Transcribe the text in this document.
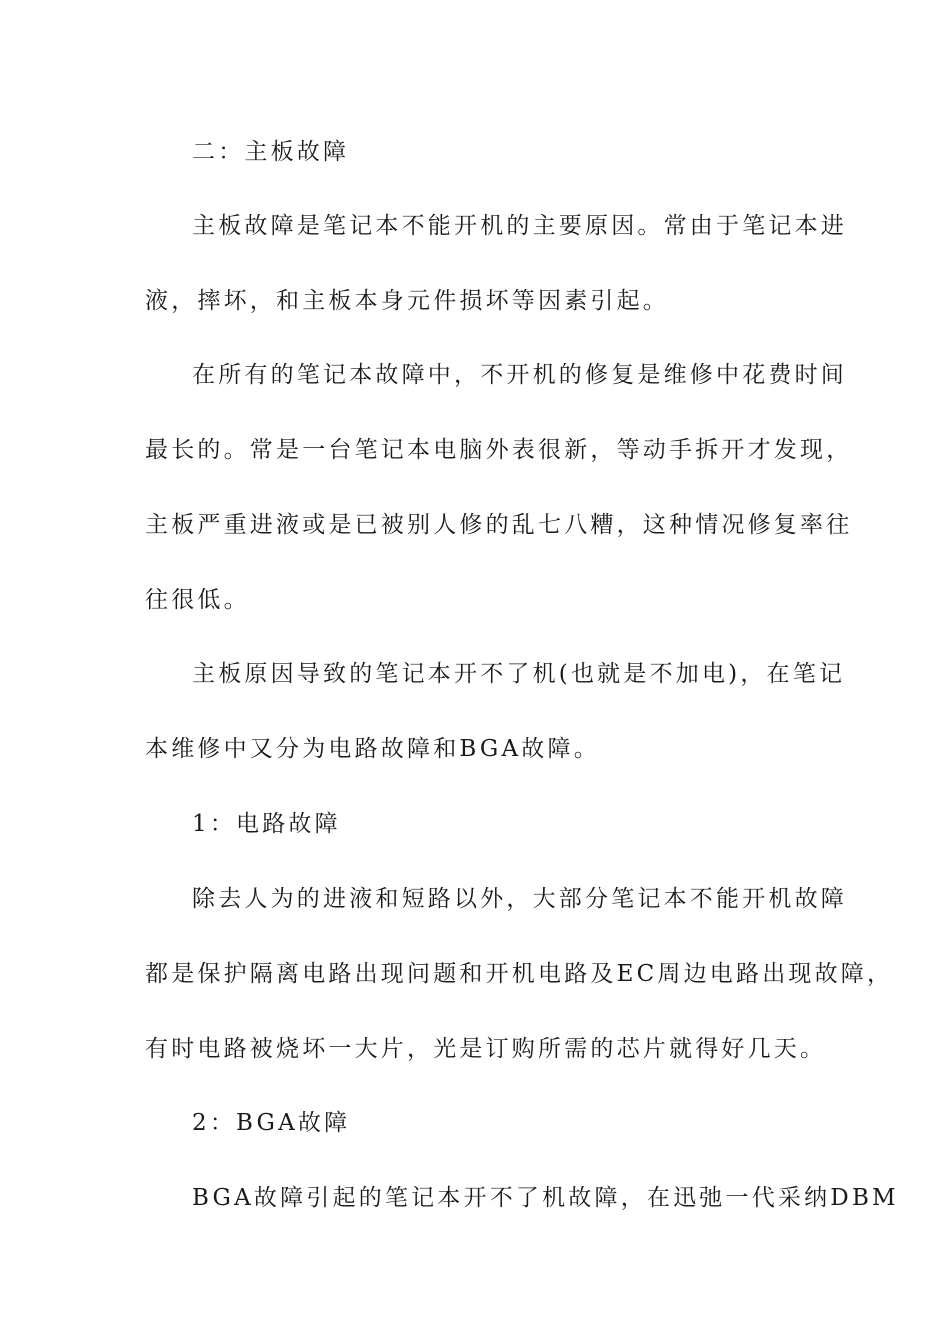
二：主板故障
主板故障是笔记本不能开机的主要原因。常由于笔记本进
液，摔坏，和主板本身元件损坏等因素引起。
在所有的笔记本故障中，不开机的修复是维修中花费时间
最长的。常是一台笔记本电脑外表很新，等动手拆开才发现，
主板严重进液或是已被别人修的乱七八糟，这种情况修复率往
往很低。
主板原因导致的笔记本开不了机(也就是不加电)，在笔记
本维修中又分为电路故障和BGA故障。
1：电路故障
除去人为的进液和短路以外，大部分笔记本不能开机故障
都是保护隔离电路出现问题和开机电路及EC周边电路出现故障，
有时电路被烧坏一大片，光是订购所需的芯片就得好几天。
2：BGA故障
BGA故障引起的笔记本开不了机故障，在迅弛一代采纳DBM
